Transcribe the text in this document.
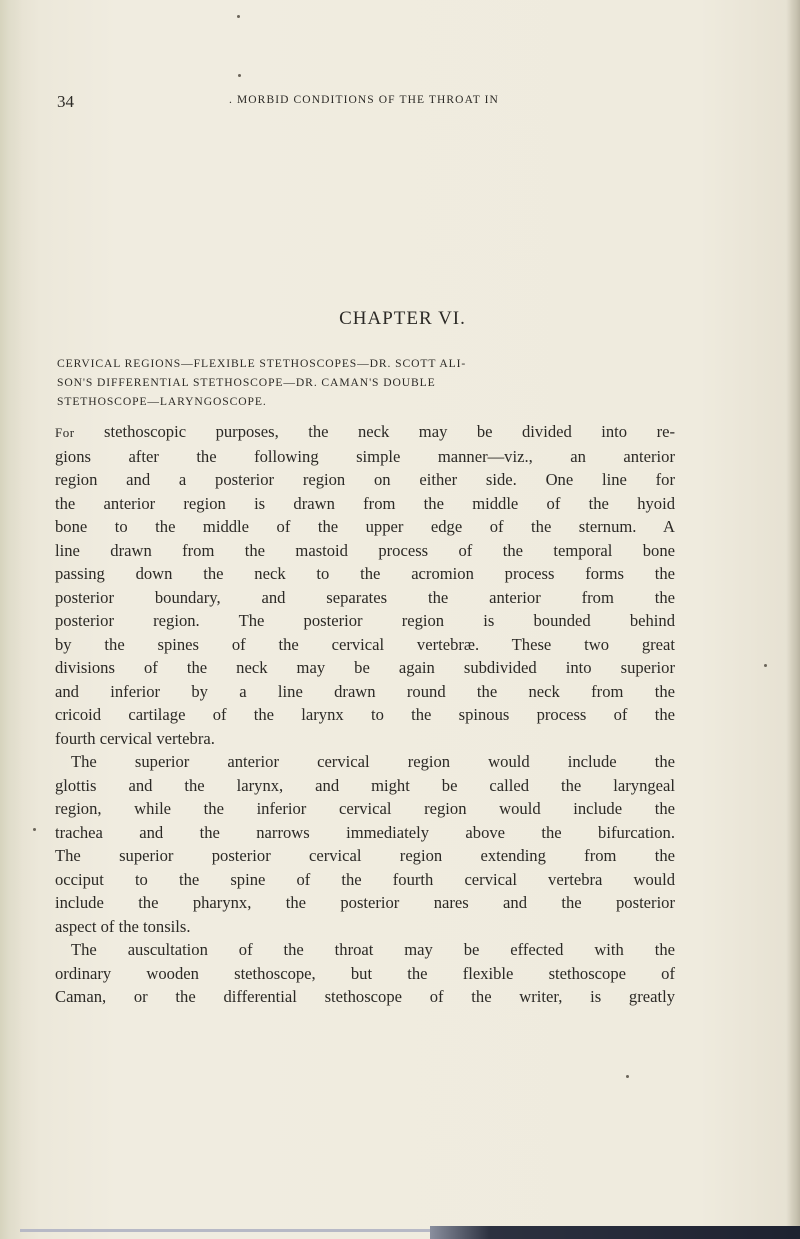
34	. MORBID CONDITIONS OF THE THROAT IN
CHAPTER VI.
CERVICAL REGIONS—FLEXIBLE STETHOSCOPES—DR. SCOTT ALI-
SON'S DIFFERENTIAL STETHOSCOPE—DR. CAMAN'S DOUBLE
STETHOSCOPE—LARYNGOSCOPE.
For stethoscopic purposes, the neck may be divided into re-
gions after the following simple manner—viz., an anterior
region and a posterior region on either side. One line for
the anterior region is drawn from the middle of the hyoid
bone to the middle of the upper edge of the sternum. A
line drawn from the mastoid process of the temporal bone
passing down the neck to the acromion process forms the
posterior boundary, and separates the anterior from the
posterior region. The posterior region is bounded behind
by the spines of the cervical vertebræ. These two great
divisions of the neck may be again subdivided into superior
and inferior by a line drawn round the neck from the
cricoid cartilage of the larynx to the spinous process of the
fourth cervical vertebra.
The superior anterior cervical region would include the
glottis and the larynx, and might be called the laryngeal
region, while the inferior cervical region would include the
trachea and the narrows immediately above the bifurcation.
The superior posterior cervical region extending from the
occiput to the spine of the fourth cervical vertebra would
include the pharynx, the posterior nares and the posterior
aspect of the tonsils.
The auscultation of the throat may be effected with the
ordinary wooden stethoscope, but the flexible stethoscope of
Caman, or the differential stethoscope of the writer, is greatly
